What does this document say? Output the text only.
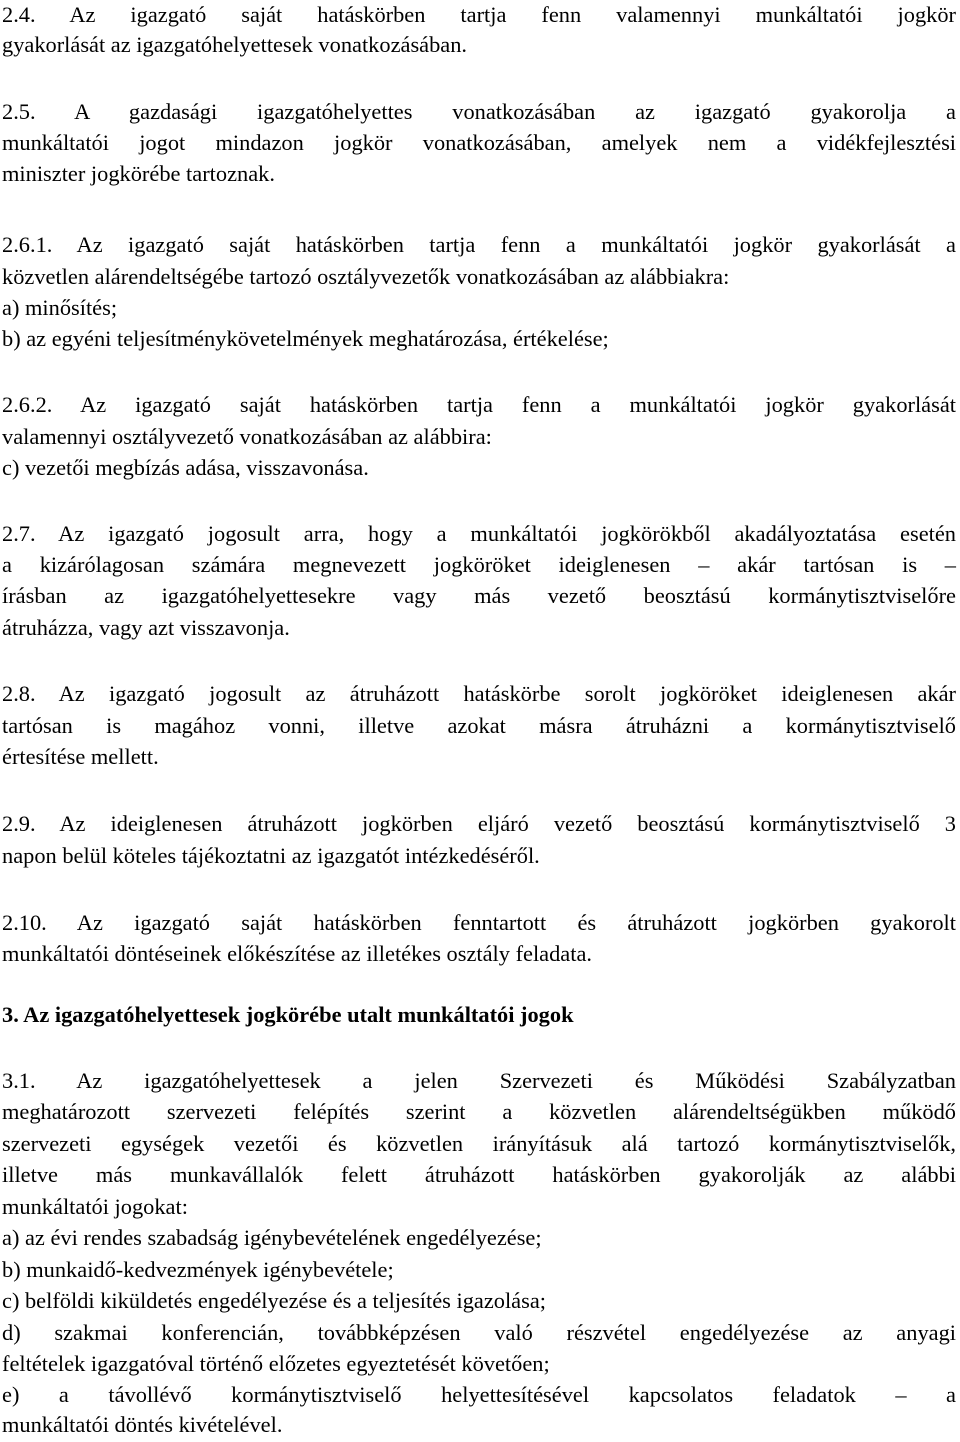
2.4. Az igazgató saját hatáskörben tartja fenn valamennyi munkáltatói jogkör
gyakorlását az igazgatóhelyettesek vonatkozásában.
2.5. A gazdasági igazgatóhelyettes vonatkozásában az igazgató gyakorolja a
munkáltatói jogot mindazon jogkör vonatkozásában, amelyek nem a vidékfejlesztési
miniszter jogkörébe tartoznak.
2.6.1. Az igazgató saját hatáskörben tartja fenn a munkáltatói jogkör gyakorlását a
közvetlen alárendeltségébe tartozó osztályvezetők vonatkozásában az alábbiakra:
a) minősítés;
b) az egyéni teljesítménykövetelmények meghatározása, értékelése;
2.6.2. Az igazgató saját hatáskörben tartja fenn a munkáltatói jogkör gyakorlását
valamennyi osztályvezető vonatkozásában az alábbira:
c) vezetői megbízás adása, visszavonása.
2.7. Az igazgató jogosult arra, hogy a munkáltatói jogkörökből akadályoztatása esetén
a kizárólagosan számára megnevezett jogköröket ideiglenesen – akár tartósan is –
írásban az igazgatóhelyettesekre vagy más vezető beosztású kormánytisztviselőre
átruházza, vagy azt visszavonja.
2.8. Az igazgató jogosult az átruházott hatáskörbe sorolt jogköröket ideiglenesen akár
tartósan is magához vonni, illetve azokat másra átruházni a kormánytisztviselő
értesítése mellett.
2.9. Az ideiglenesen átruházott jogkörben eljáró vezető beosztású kormánytisztviselő 3
napon belül köteles tájékoztatni az igazgatót intézkedéséről.
2.10. Az igazgató saját hatáskörben fenntartott és átruházott jogkörben gyakorolt
munkáltatói döntéseinek előkészítése az illetékes osztály feladata.
3. Az igazgatóhelyettesek jogkörébe utalt munkáltatói jogok
3.1. Az igazgatóhelyettesek a jelen Szervezeti és Működési Szabályzatban
meghatározott szervezeti felépítés szerint a közvetlen alárendeltségükben működő
szervezeti egységek vezetői és közvetlen irányításuk alá tartozó kormánytisztviselők,
illetve más munkavállalók felett átruházott hatáskörben gyakorolják az alábbi
munkáltatói jogokat:
a) az évi rendes szabadság igénybevételének engedélyezése;
b) munkaidő-kedvezmények igénybevétele;
c) belföldi kiküldetés engedélyezése és a teljesítés igazolása;
d) szakmai konferencián, továbbképzésen való részvétel engedélyezése az anyagi
feltételek igazgatóval történő előzetes egyeztetését követően;
e) a távollévő kormánytisztviselő helyettesítésével kapcsolatos feladatok – a
munkáltatói döntés kivételével.
